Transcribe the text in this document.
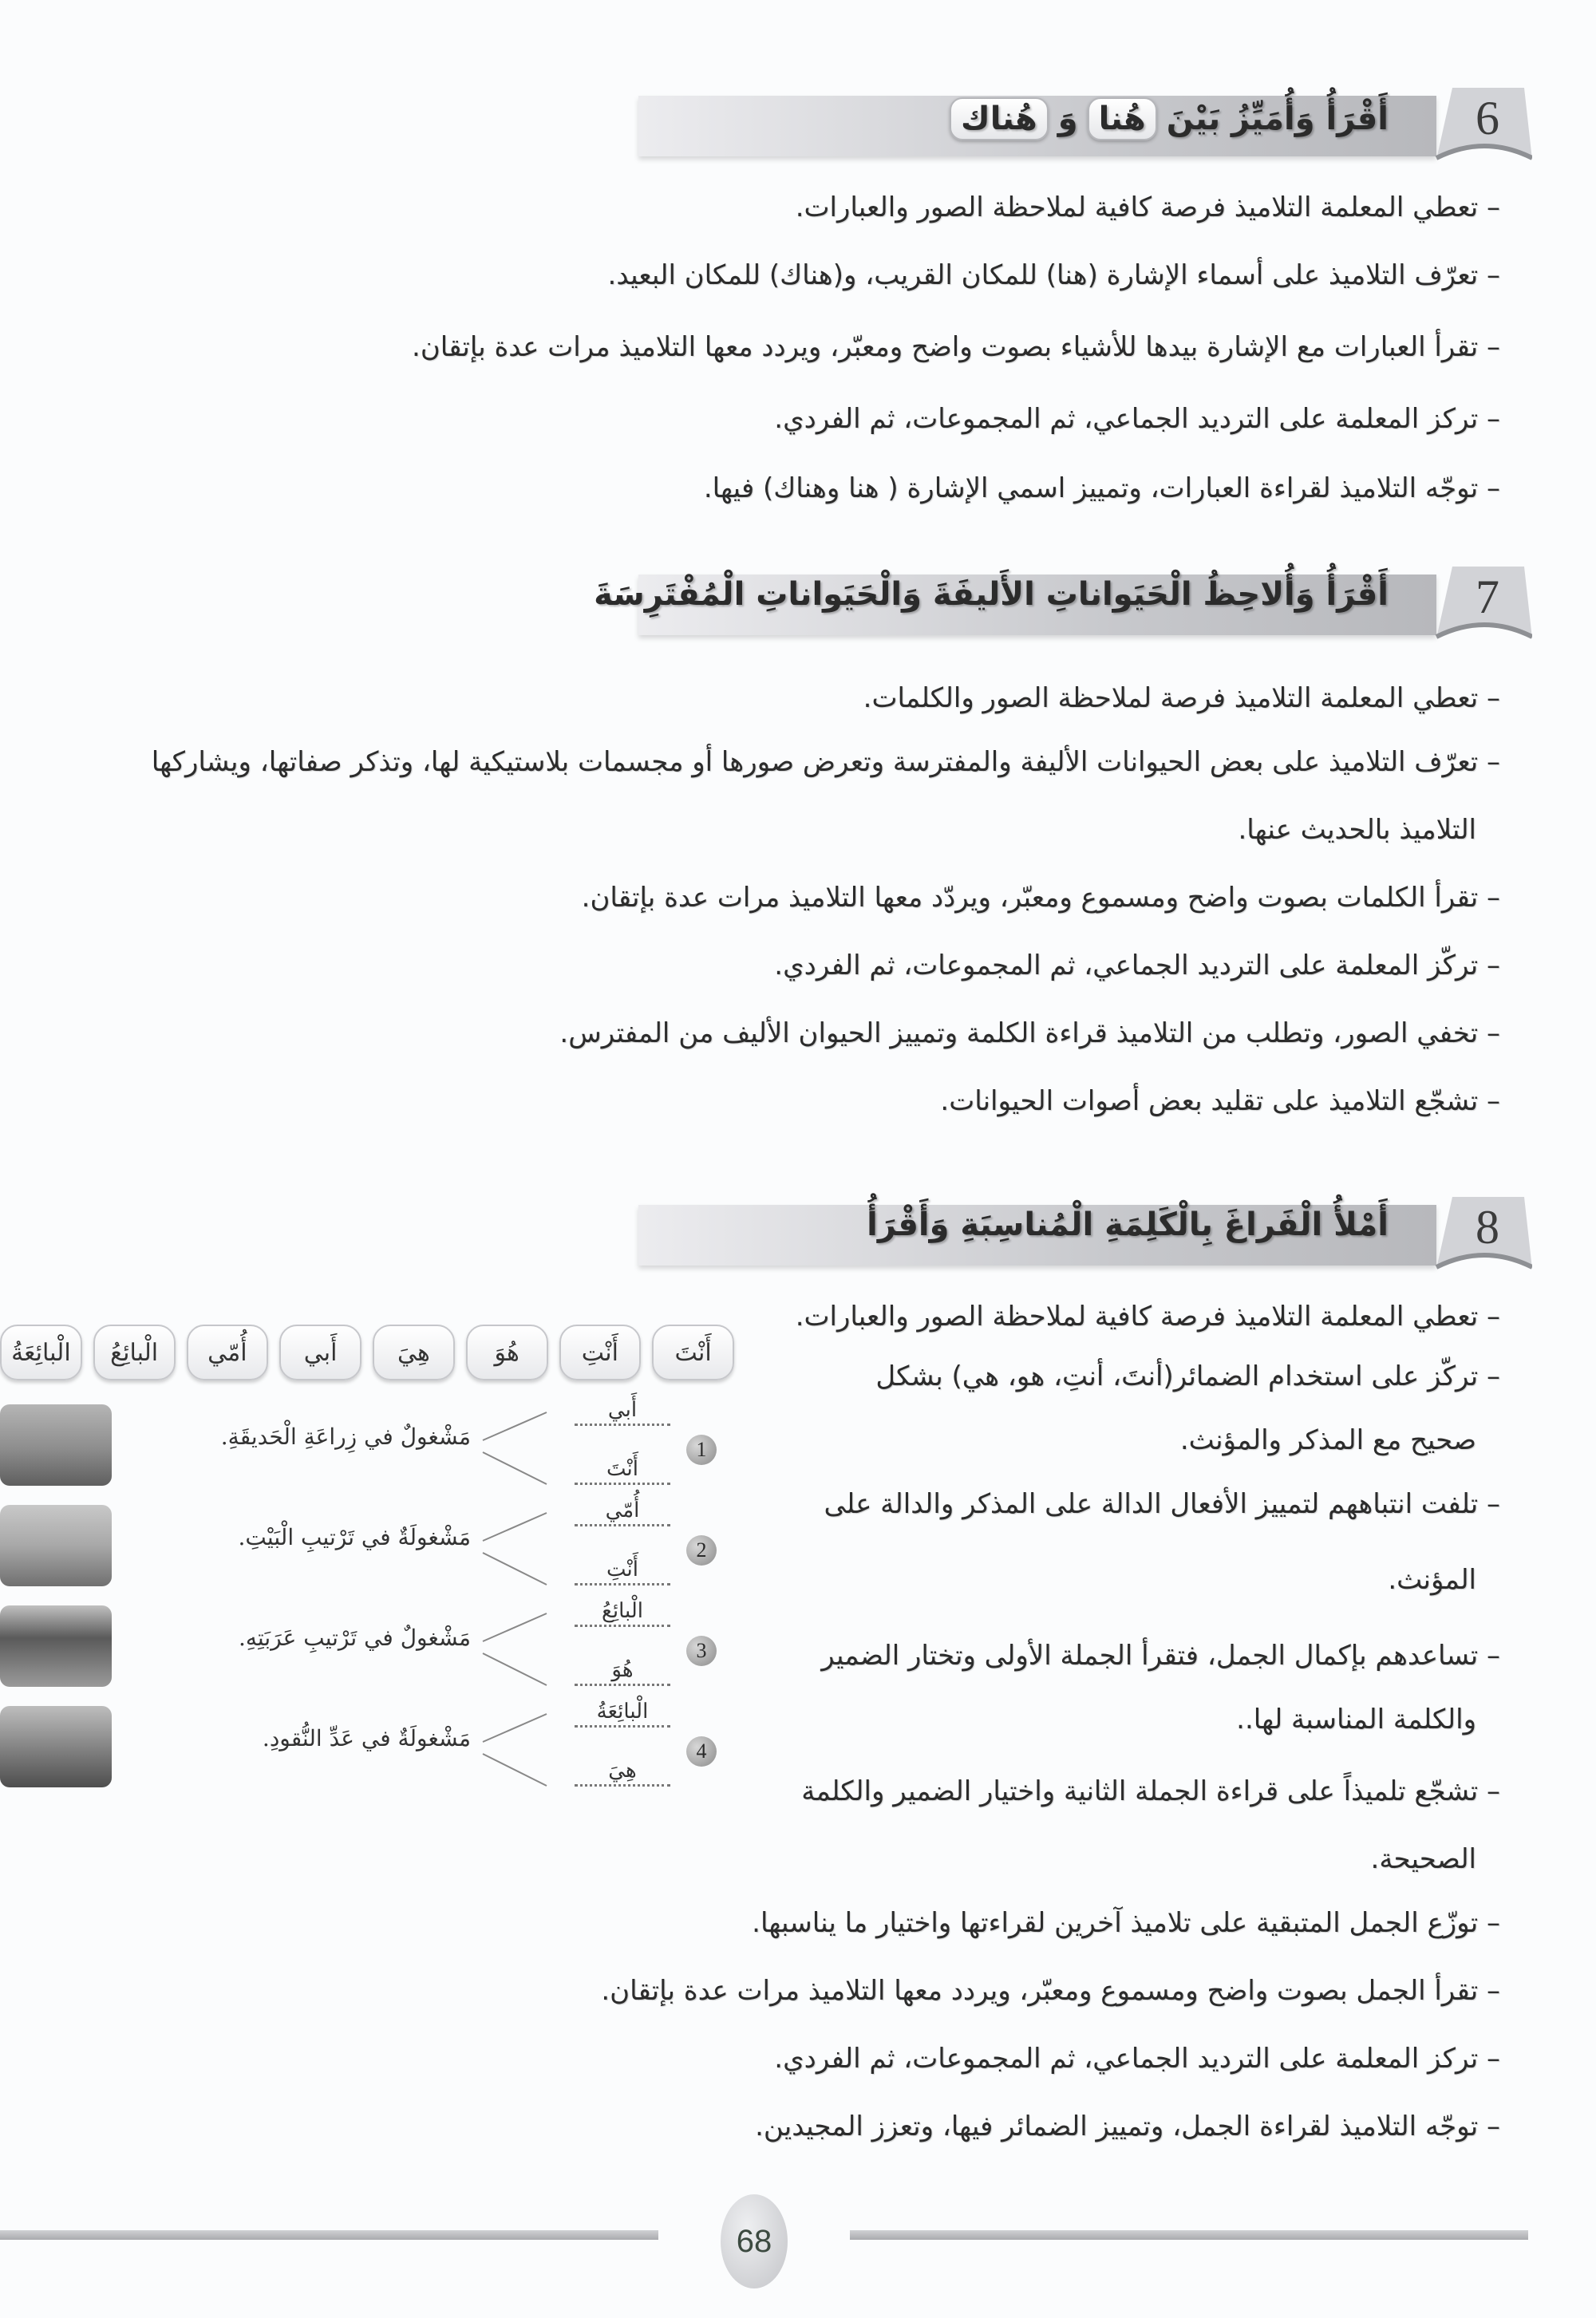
6
أَقْرَأُ وَأُمَيِّزُ بَيْنَ
هُنا
وَ
هُناك
– تعطي المعلمة التلاميذ فرصة كافية لملاحظة الصور والعبارات.
– تعرّف التلاميذ على أسماء الإشارة (هنا) للمكان القريب، و(هناك) للمكان البعيد.
– تقرأ العبارات مع الإشارة بيدها للأشياء بصوت واضح ومعبّر، ويردد معها التلاميذ مرات عدة بإتقان.
– تركز المعلمة على الترديد الجماعي، ثم المجموعات، ثم الفردي.
– توجّه التلاميذ لقراءة العبارات، وتمييز اسمي الإشارة ( هنا وهناك) فيها.
7
أَقْرَأُ وَأُلاحِظُ الْحَيَواناتِ الأَليفَةَ وَالْحَيَواناتِ الْمُفْتَرِسَةَ
– تعطي المعلمة التلاميذ فرصة لملاحظة الصور والكلمات.
– تعرّف التلاميذ على بعض الحيوانات الأليفة والمفترسة وتعرض صورها أو مجسمات بلاستيكية لها، وتذكر صفاتها، ويشاركها
التلاميذ بالحديث عنها.
– تقرأ الكلمات بصوت واضح ومسموع ومعبّر، ويردّد معها التلاميذ مرات عدة بإتقان.
– تركّز المعلمة على الترديد الجماعي، ثم المجموعات، ثم الفردي.
– تخفي الصور، وتطلب من التلاميذ قراءة الكلمة وتمييز الحيوان الأليف من المفترس.
– تشجّع التلاميذ على تقليد بعض أصوات الحيوانات.
8
أَمْلأُ الْفَراغَ بِالْكَلِمَةِ الْمُناسِبَةِ وَأَقْرَأُ
– تعطي المعلمة التلاميذ فرصة كافية لملاحظة الصور والعبارات.
– تركّز على استخدام الضمائر(أنتَ، أنتِ، هو، هي) بشكل
صحيح مع المذكر والمؤنث.
– تلفت انتباههم لتمييز الأفعال الدالة على المذكر والدالة على
المؤنث.
– تساعدهم بإكمال الجمل، فتقرأ الجملة الأولى وتختار الضمير
والكلمة المناسبة لها..
– تشجّع تلميذاً على قراءة الجملة الثانية واختيار الضمير والكلمة
الصحيحة.
– توزّع الجمل المتبقية على تلاميذ آخرين لقراءتها واختيار ما يناسبها.
– تقرأ الجمل بصوت واضح ومسموع ومعبّر، ويردد معها التلاميذ مرات عدة بإتقان.
– تركز المعلمة على الترديد الجماعي، ثم المجموعات، ثم الفردي.
– توجّه التلاميذ لقراءة الجمل، وتمييز الضمائر فيها، وتعزز المجيدين.
أَنْتَ
أَنْتِ
هُوَ
هِيَ
أَبي
أُمّي
الْبائِعُ
الْبائِعَةُ
مَشْغولٌ في زِراعَةِ الْحَديقَةِ.
أَبي
أَنْتَ
1
مَشْغولَةٌ في تَرْتيبِ الْبَيْتِ.
أُمّي
أَنْتِ
2
مَشْغولٌ في تَرْتيبِ عَرَبَتِهِ.
الْبائِعُ
هُوَ
3
مَشْغولَةٌ في عَدِّ النُّقودِ.
الْبائِعَةُ
هِيَ
4
68
